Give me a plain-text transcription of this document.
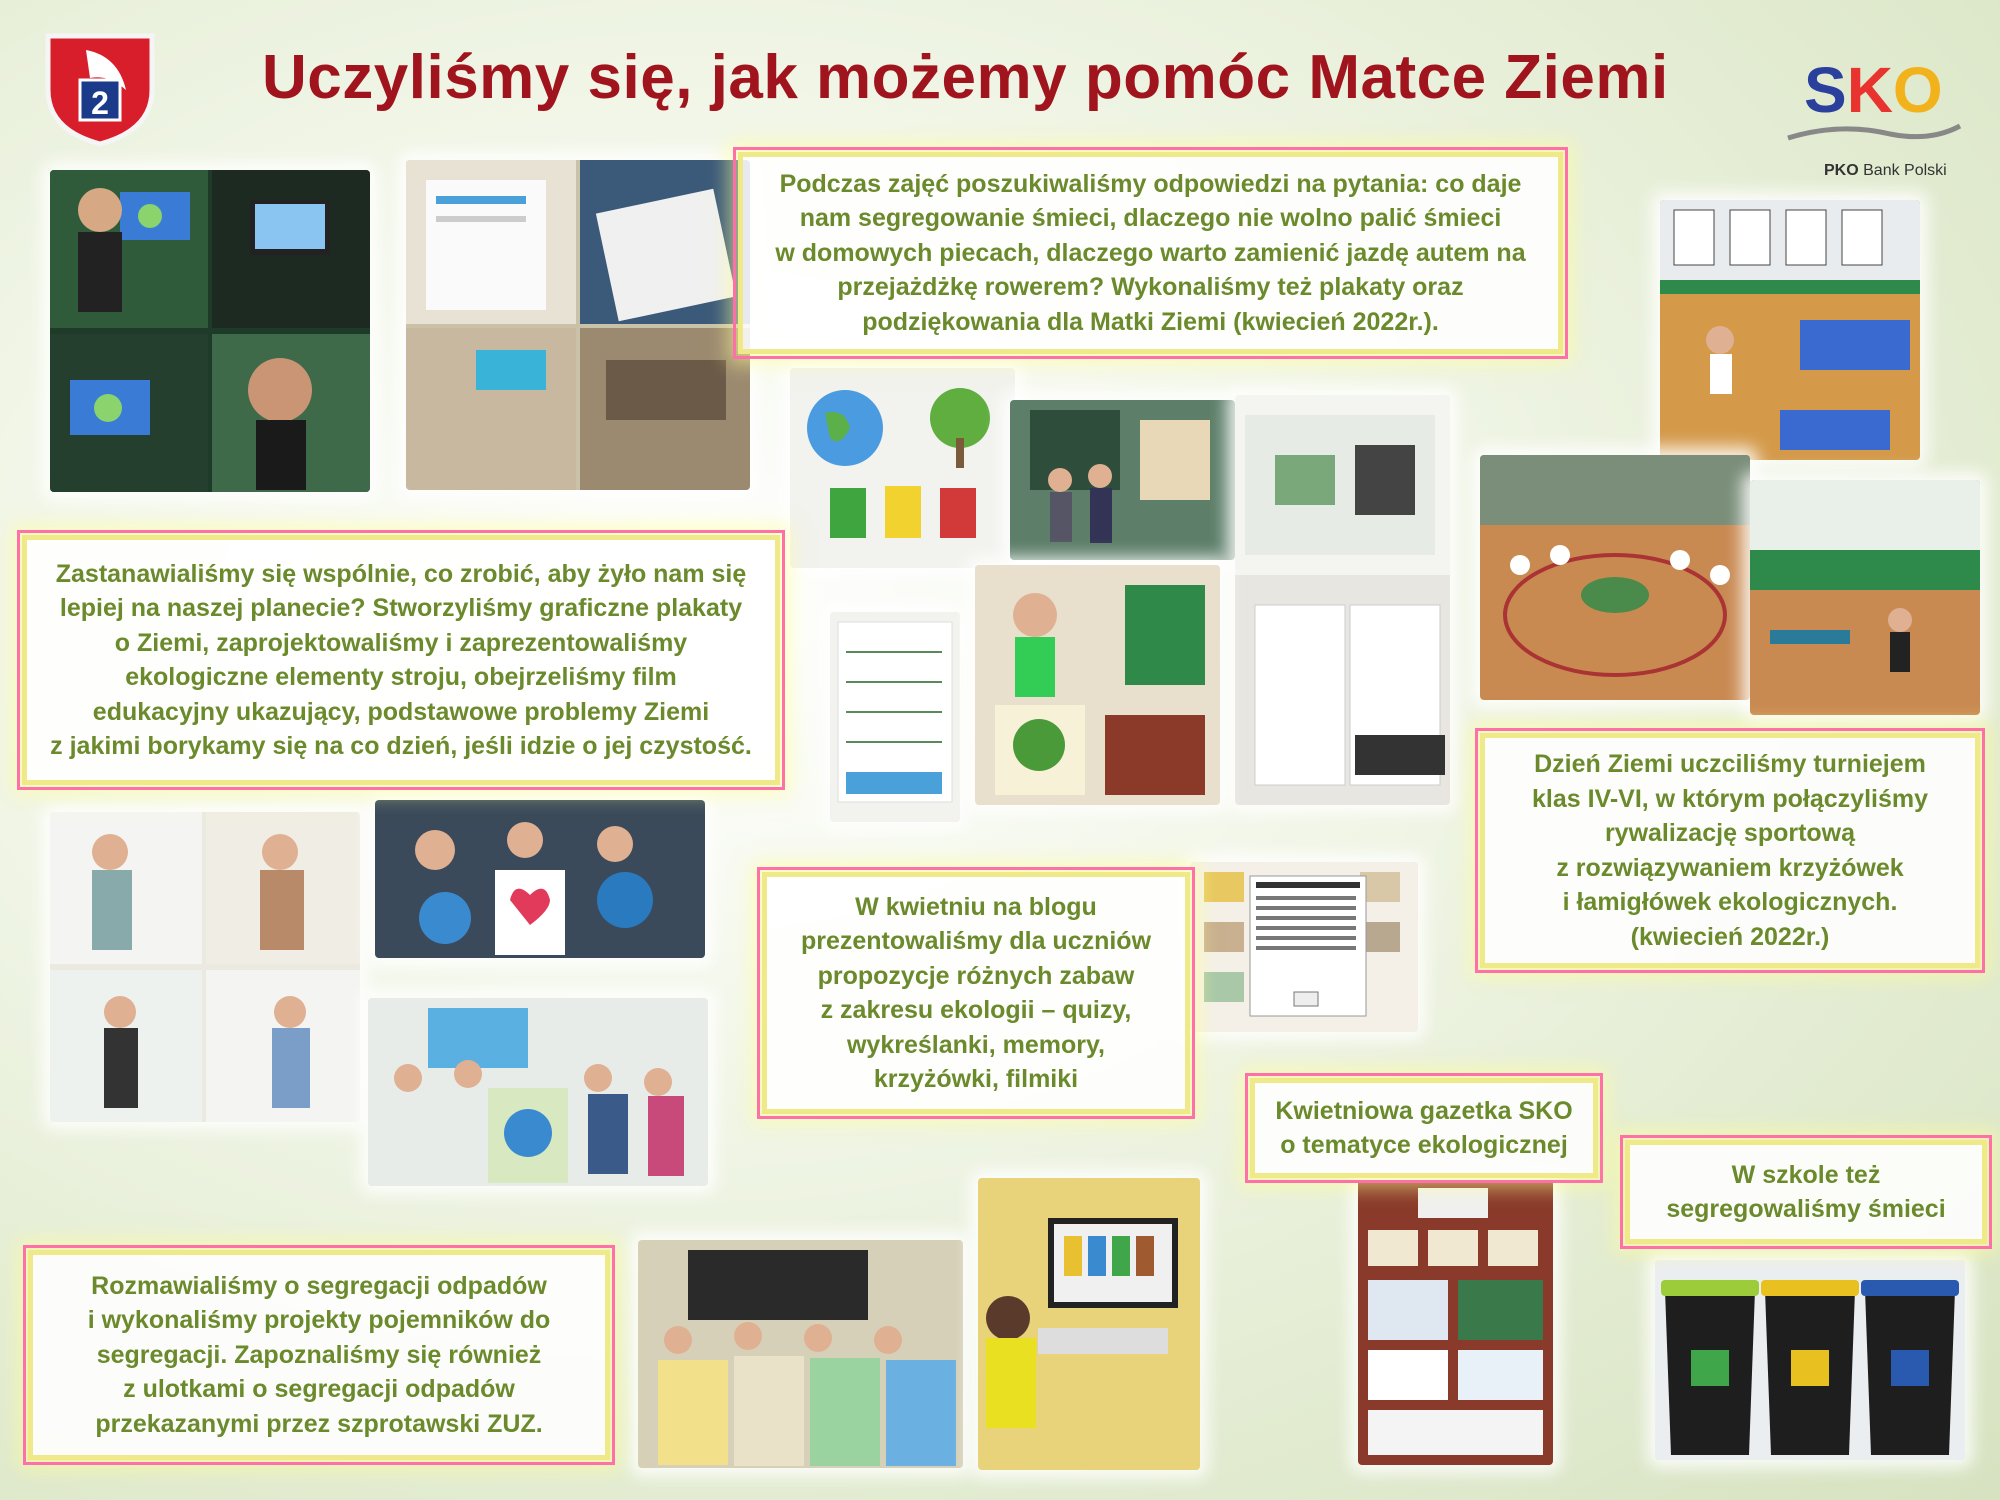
2 Uczyliśmy się, jak możemy pomóc Matce Ziemi	SKO
PKO Bank Polski
Podczas zajęć poszukiwaliśmy odpowiedzi na pytania: co daje
nam segregowanie śmieci, dlaczego nie wolno palić śmieci
w domowych piecach, dlaczego warto zamienić jazdę autem na
przejażdżkę rowerem? Wykonaliśmy też plakaty oraz
podziękowania dla Matki Ziemi (kwiecień 2022r.).
Zastanawialiśmy się wspólnie, co zrobić, aby żyło nam się
lepiej na naszej planecie? Stworzyliśmy graficzne plakaty
o Ziemi, zaprojektowaliśmy i zaprezentowaliśmy
ekologiczne elementy stroju, obejrzeliśmy film
edukacyjny ukazujący, podstawowe problemy Ziemi
z jakimi borykamy się na co dzień, jeśli idzie o jej czystość.
W kwietniu na blogu
prezentowaliśmy dla uczniów
propozycje różnych zabaw
z zakresu ekologii – quizy,
wykreślanki, memory,
krzyżówki, filmiki
Dzień Ziemi uczciliśmy turniejem
klas IV-VI, w którym połączyliśmy
rywalizację sportową
z rozwiązywaniem krzyżówek
i łamigłówek ekologicznych.
(kwiecień 2022r.)
Kwietniowa gazetka SKO
o tematyce ekologicznej
W szkole też
segregowaliśmy śmieci
Rozmawialiśmy o segregacji odpadów
i wykonaliśmy projekty pojemników do
segregacji. Zapoznaliśmy się również
z ulotkami o segregacji odpadów
przekazanymi przez szprotawski ZUZ.
